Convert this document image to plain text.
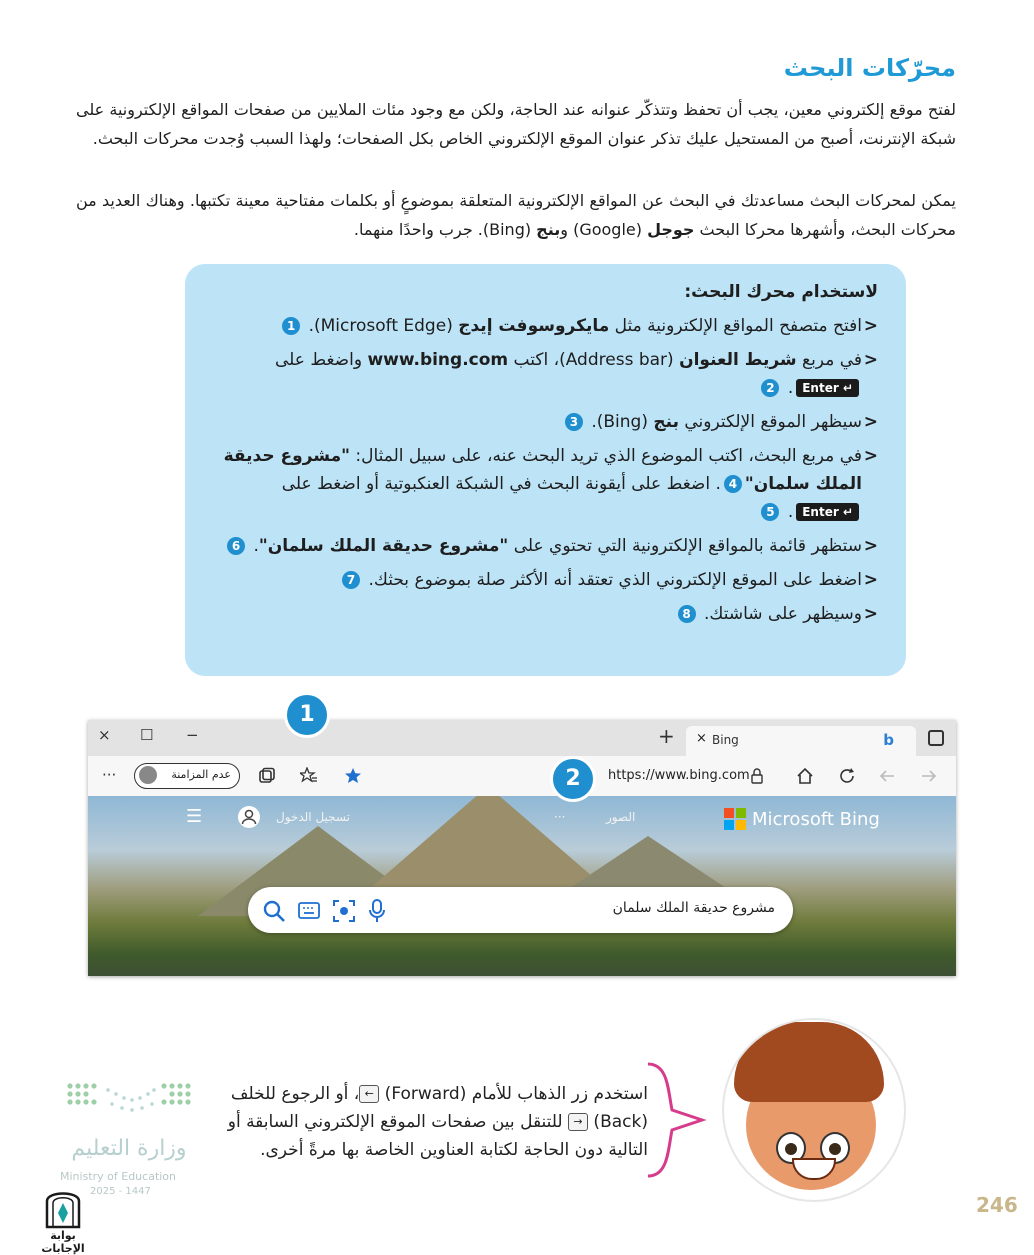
محرّكات البحث

لفتح موقع إلكتروني معين، يجب أن تحفظ وتتذكّر عنوانه عند الحاجة، ولكن مع وجود مئات الملايين من صفحات المواقع الإلكترونية على شبكة الإنترنت، أصبح من المستحيل عليك تذكر عنوان الموقع الإلكتروني الخاص بكل الصفحات؛ ولهذا السبب وُجدت محركات البحث.

يمكن لمحركات البحث مساعدتك في البحث عن المواقع الإلكترونية المتعلقة بموضوعٍ أو بكلمات مفتاحية معينة تكتبها. وهناك العديد من محركات البحث، وأشهرها محركا البحث جوجل (Google) وبنج (Bing). جرب واحدًا منهما.

لاستخدام محرك البحث:

<
افتح متصفح المواقع الإلكترونية مثل مايكروسوفت إيدج (Microsoft Edge). 1

<
في مربع شريط العنوان (Address bar)، اكتب www.bing.com واضغط على Enter ↵. 2

<
سيظهر الموقع الإلكتروني بنج (Bing). 3

<
في مربع البحث، اكتب الموضوع الذي تريد البحث عنه، على سبيل المثال: "مشروع حديقة الملك سلمان"4. اضغط على أيقونة البحث في الشبكة العنكبوتية أو اضغط على Enter ↵. 5

<
ستظهر قائمة بالمواقع الإلكترونية التي تحتوي على "مشروع حديقة الملك سلمان". 6

<
اضغط على الموقع الإلكتروني الذي تعتقد أنه الأكثر صلة بموضوع بحثك. 7

<
وسيظهر على شاشتك. 8

× ☐ −	+ × Bing	b
···	عدم المزامنة	https://www.bing.com
Microsoft Bing
الصور
···
تسجيل الدخول
☰
مشروع حديقة الملك سلمان
1
2

استخدم زر الذهاب للأمام (Forward) ←، أو الرجوع للخلف (Back) → للتنقل بين صفحات الموقع الإلكتروني السابقة أو التالية دون الحاجة لكتابة العناوين الخاصة بها مرةً أخرى.

وزارة التعليم
Ministry of Education
2025 - 1447
بوابة الإجابات
246
